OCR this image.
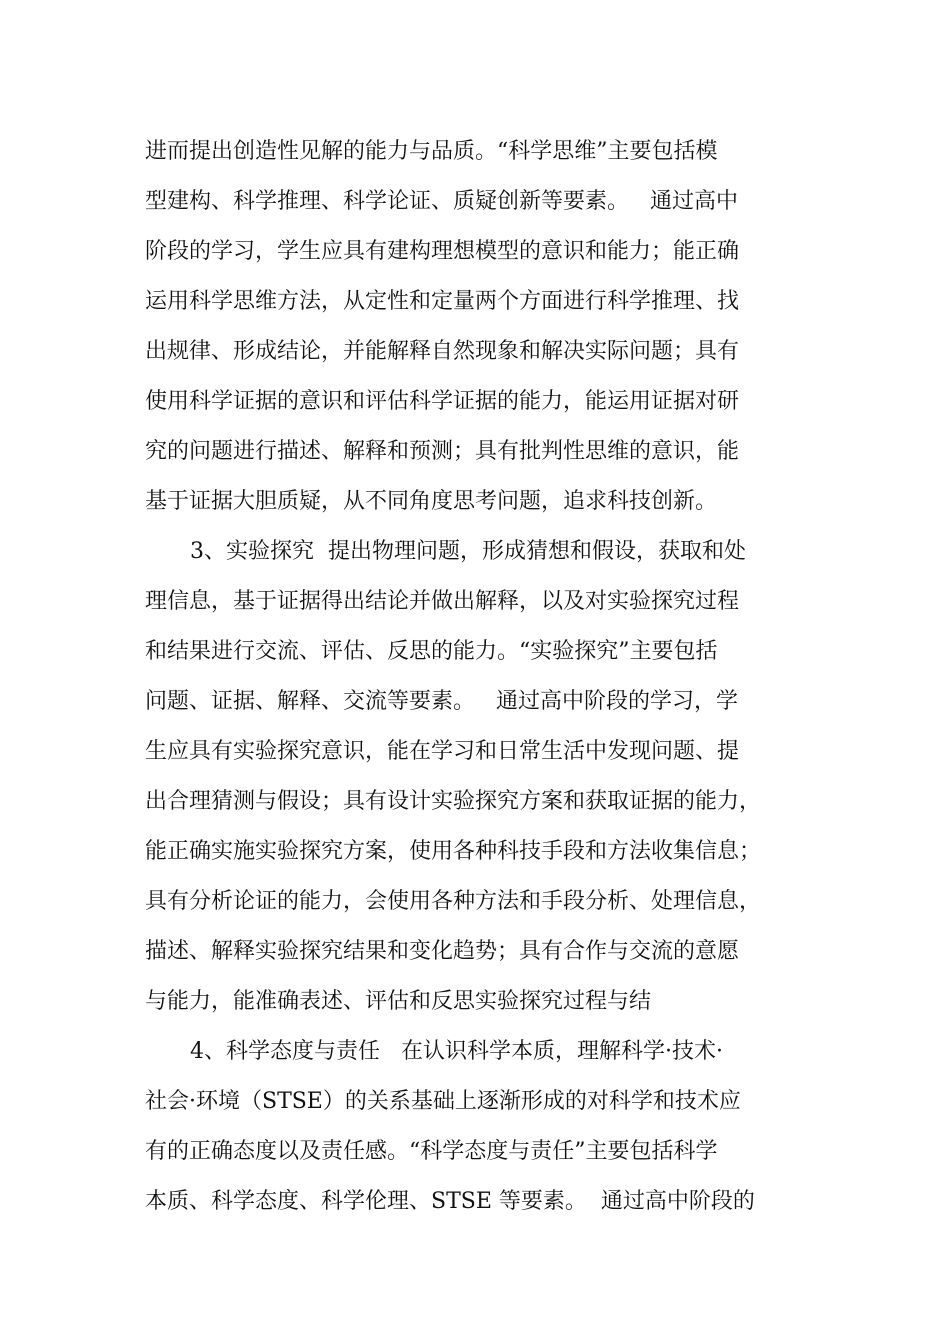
进而提出创造性见解的能力与品质。“科学思维”主要包括模
型建构、科学推理、科学论证、质疑创新等要素。   通过高中
阶段的学习，学生应具有建构理想模型的意识和能力；能正确
运用科学思维方法，从定性和定量两个方面进行科学推理、找
出规律、形成结论，并能解释自然现象和解决实际问题；具有
使用科学证据的意识和评估科学证据的能力，能运用证据对研
究的问题进行描述、解释和预测；具有批判性思维的意识，能
基于证据大胆质疑，从不同角度思考问题，追求科技创新。
3、实验探究  提出物理问题，形成猜想和假设，获取和处
理信息，基于证据得出结论并做出解释，以及对实验探究过程
和结果进行交流、评估、反思的能力。“实验探究”主要包括
问题、证据、解释、交流等要素。   通过高中阶段的学习，学
生应具有实验探究意识，能在学习和日常生活中发现问题、提
出合理猜测与假设；具有设计实验探究方案和获取证据的能力，
能正确实施实验探究方案，使用各种科技手段和方法收集信息；
具有分析论证的能力，会使用各种方法和手段分析、处理信息，
描述、解释实验探究结果和变化趋势；具有合作与交流的意愿
与能力，能准确表述、评估和反思实验探究过程与结
4、科学态度与责任   在认识科学本质，理解科学·技术·
社会·环境（STSE）的关系基础上逐渐形成的对科学和技术应
有的正确态度以及责任感。“科学态度与责任”主要包括科学
本质、科学态度、科学伦理、STSE 等要素。  通过高中阶段的
